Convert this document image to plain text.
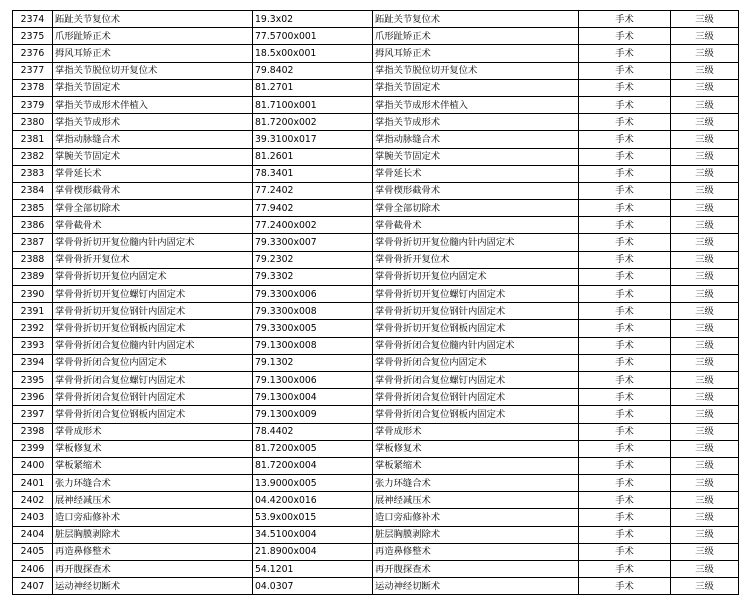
2374	跖趾关节复位术	19.3x02	跖趾关节复位术	手术	三级
2375	爪形趾矫正术	77.5700x001	爪形趾矫正术	手术	三级
2376	拇风耳矫正术	18.5x00x001	拇风耳矫正术	手术	三级
2377	掌指关节脱位切开复位术	79.8402	掌指关节脱位切开复位术	手术	三级
2378	掌指关节固定术	81.2701	掌指关节固定术	手术	三级
2379	掌指关节成形术伴植入	81.7100x001	掌指关节成形术伴植入	手术	三级
2380	掌指关节成形术	81.7200x002	掌指关节成形术	手术	三级
2381	掌指动脉缝合术	39.3100x017	掌指动脉缝合术	手术	三级
2382	掌腕关节固定术	81.2601	掌腕关节固定术	手术	三级
2383	掌骨延长术	78.3401	掌骨延长术	手术	三级
2384	掌骨楔形截骨术	77.2402	掌骨楔形截骨术	手术	三级
2385	掌骨全部切除术	77.9402	掌骨全部切除术	手术	三级
2386	掌骨截骨术	77.2400x002	掌骨截骨术	手术	三级
2387	掌骨骨折切开复位髓内针内固定术	79.3300x007	掌骨骨折切开复位髓内针内固定术	手术	三级
2388	掌骨骨折开复位术	79.2302	掌骨骨折开复位术	手术	三级
2389	掌骨骨折切开复位内固定术	79.3302	掌骨骨折切开复位内固定术	手术	三级
2390	掌骨骨折切开复位螺钉内固定术	79.3300x006	掌骨骨折切开复位螺钉内固定术	手术	三级
2391	掌骨骨折切开复位钢针内固定术	79.3300x008	掌骨骨折切开复位钢针内固定术	手术	三级
2392	掌骨骨折切开复位钢板内固定术	79.3300x005	掌骨骨折切开复位钢板内固定术	手术	三级
2393	掌骨骨折闭合复位髓内针内固定术	79.1300x008	掌骨骨折闭合复位髓内针内固定术	手术	三级
2394	掌骨骨折闭合复位内固定术	79.1302	掌骨骨折闭合复位内固定术	手术	三级
2395	掌骨骨折闭合复位螺钉内固定术	79.1300x006	掌骨骨折闭合复位螺钉内固定术	手术	三级
2396	掌骨骨折闭合复位钢针内固定术	79.1300x004	掌骨骨折闭合复位钢针内固定术	手术	三级
2397	掌骨骨折闭合复位钢板内固定术	79.1300x009	掌骨骨折闭合复位钢板内固定术	手术	三级
2398	掌骨成形术	78.4402	掌骨成形术	手术	三级
2399	掌板修复术	81.7200x005	掌板修复术	手术	三级
2400	掌板紧缩术	81.7200x004	掌板紧缩术	手术	三级
2401	张力环缝合术	13.9000x005	张力环缝合术	手术	三级
2402	展神经减压术	04.4200x016	展神经减压术	手术	三级
2403	造口旁疝修补术	53.9x00x015	造口旁疝修补术	手术	三级
2404	脏层胸膜剥除术	34.5100x004	脏层胸膜剥除术	手术	三级
2405	再造鼻修整术	21.8900x004	再造鼻修整术	手术	三级
2406	再开腹探查术	54.1201	再开腹探查术	手术	三级
2407	运动神经切断术	04.0307	运动神经切断术	手术	三级
